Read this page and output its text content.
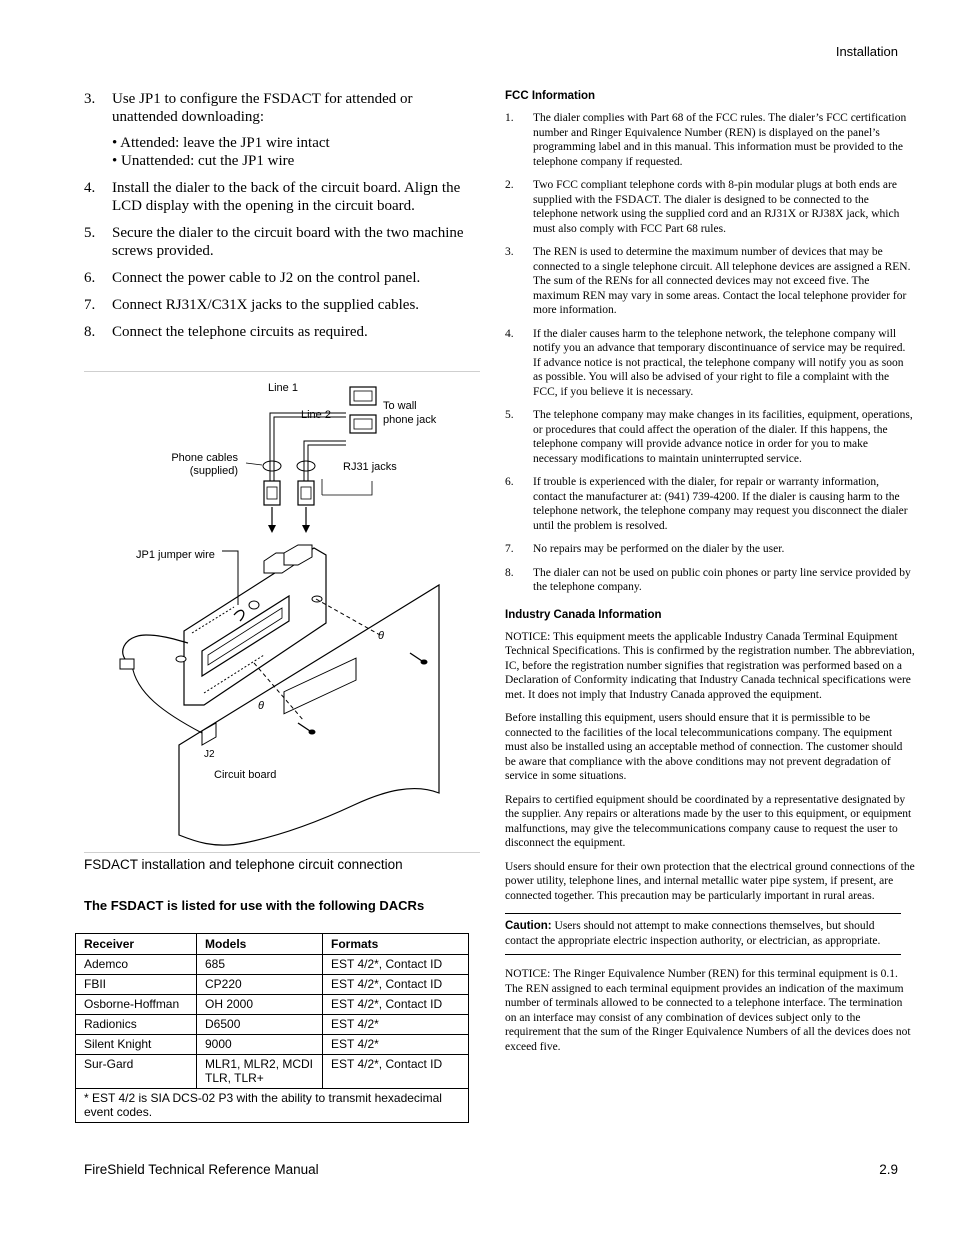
Installation
3. Use JP1 to configure the FSDACT for attended or unattended downloading:
• Attended: leave the JP1 wire intact
• Unattended: cut the JP1 wire
4. Install the dialer to the back of the circuit board. Align the LCD display with the opening in the circuit board.
5. Secure the dialer to the circuit board with the two machine screws provided.
6. Connect the power cable to J2 on the control panel.
7. Connect RJ31X/C31X jacks to the supplied cables.
8. Connect the telephone circuits as required.
θ
θ
Line 1
Line 2
To wall
phone jack
Phone cables
(supplied)	RJ31 jacks
JP1 jumper wire
J2
Circuit board
FSDACT installation and telephone circuit connection
The FSDACT is listed for use with the following DACRs
Receiver	Models	Formats
Ademco	685	EST 4/2*, Contact ID
FBII	CP220	EST 4/2*, Contact ID
Osborne-Hoffman	OH 2000	EST 4/2*, Contact ID
Radionics	D6500	EST 4/2*
Silent Knight	9000	EST 4/2*
Sur-Gard	MLR1, MLR2, MCDI TLR, TLR+	EST 4/2*, Contact ID
* EST 4/2 is SIA DCS-02 P3 with the ability to transmit hexadecimal event codes.		
FCC Information
1. The dialer complies with Part 68 of the FCC rules. The dialer’s FCC certification number and Ringer Equivalence Number (REN) is displayed on the panel’s programming label and in this manual. This information must be provided to the telephone company if requested.
2. Two FCC compliant telephone cords with 8-pin modular plugs at both ends are supplied with the FSDACT. The dialer is designed to be connected to the telephone network using the supplied cord and an RJ31X or RJ38X jack, which must also comply with FCC Part 68 rules.
3. The REN is used to determine the maximum number of devices that may be connected to a single telephone circuit. All telephone devices are assigned a REN. The sum of the RENs for all connected devices may not exceed five. The maximum REN may vary in some areas. Contact the local telephone provider for more information.
4. If the dialer causes harm to the telephone network, the telephone company will notify you an advance that temporary discontinuance of service may be required. If advance notice is not practical, the telephone company will notify you as soon as possible. You will also be advised of your right to file a complaint with the FCC, if you believe it is necessary.
5. The telephone company may make changes in its facilities, equipment, operations, or procedures that could affect the operation of the dialer. If this happens, the telephone company will provide advance notice in order for you to make necessary modifications to maintain uninterrupted service.
6. If trouble is experienced with the dialer, for repair or warranty information, contact the manufacturer at: (941) 739-4200. If the dialer is causing harm to the telephone network, the telephone company may request you disconnect the dialer until the problem is resolved.
7. No repairs may be performed on the dialer by the user.
8. The dialer can not be used on public coin phones or party line service provided by the telephone company.
Industry Canada Information

NOTICE: This equipment meets the applicable Industry Canada Terminal Equipment Technical Specifications. This is confirmed by the registration number. The abbreviation, IC, before the registration number signifies that registration was performed based on a Declaration of Conformity indicating that Industry Canada technical specifications were met. It does not imply that Industry Canada approved the equipment.

Before installing this equipment, users should ensure that it is permissible to be connected to the facilities of the local telecommunications company. The equipment must also be installed using an acceptable method of connection. The customer should be aware that compliance with the above conditions may not prevent degradation of service in some situations.

Repairs to certified equipment should be coordinated by a representative designated by the supplier. Any repairs or alterations made by the user to this equipment, or equipment malfunctions, may give the telecommunications company cause to request the user to disconnect the equipment.

Users should ensure for their own protection that the electrical ground connections of the power utility, telephone lines, and internal metallic water pipe system, if present, are connected together. This precaution may be particularly important in rural areas.

Caution: Users should not attempt to make connections themselves, but should contact the appropriate electric inspection authority, or electrician, as appropriate.

NOTICE: The Ringer Equivalence Number (REN) for this terminal equipment is 0.1. The REN assigned to each terminal equipment provides an indication of the maximum number of terminals allowed to be connected to a telephone interface. The termination on an interface may consist of any combination of devices subject only to the requirement that the sum of the Ringer Equivalence Numbers of all the devices does not exceed five.

FireShield Technical Reference Manual	2.9
